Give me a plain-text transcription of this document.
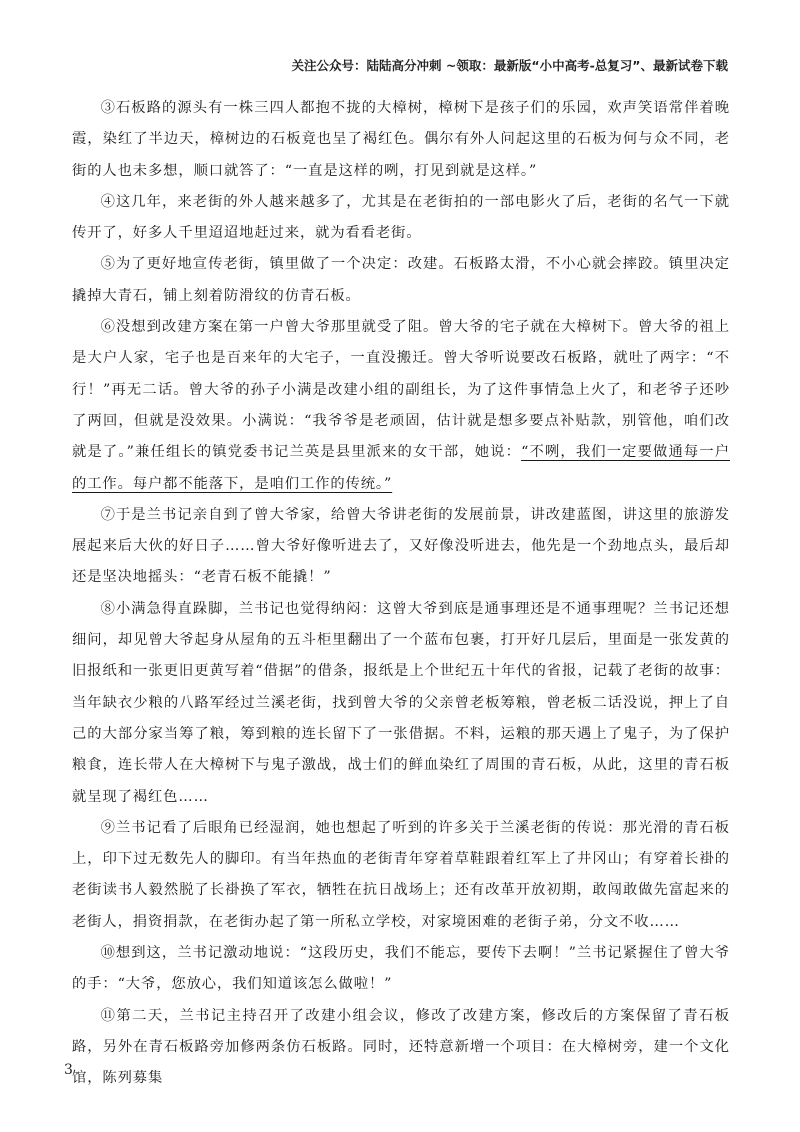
关注公众号：陆陆高分冲刺 ~领取：最新版“小中高考-总复习”、最新试卷下载

③石板路的源头有一株三四人都抱不拢的大樟树，樟树下是孩子们的乐园，欢声笑语常伴着晚霞，染红了半边天，樟树边的石板竟也呈了褐红色。偶尔有外人问起这里的石板为何与众不同，老街的人也未多想，顺口就答了：“一直是这样的咧，打见到就是这样。”

④这几年，来老街的外人越来越多了，尤其是在老街拍的一部电影火了后，老街的名气一下就传开了，好多人千里迢迢地赶过来，就为看看老街。

⑤为了更好地宣传老街，镇里做了一个决定：改建。石板路太滑，不小心就会摔跤。镇里决定撬掉大青石，铺上刻着防滑纹的仿青石板。

⑥没想到改建方案在第一户曾大爷那里就受了阻。曾大爷的宅子就在大樟树下。曾大爷的祖上是大户人家，宅子也是百来年的大宅子，一直没搬迁。曾大爷听说要改石板路，就吐了两字：“不行！”再无二话。曾大爷的孙子小满是改建小组的副组长，为了这件事情急上火了，和老爷子还吵了两回，但就是没效果。小满说：“我爷爷是老顽固，估计就是想多要点补贴款，别管他，咱们改就是了。”兼任组长的镇党委书记兰英是县里派来的女干部，她说：“不咧，我们一定要做通每一户的工作。每户都不能落下，是咱们工作的传统。”

⑦于是兰书记亲自到了曾大爷家，给曾大爷讲老街的发展前景，讲改建蓝图，讲这里的旅游发展起来后大伙的好日子……曾大爷好像听进去了，又好像没听进去，他先是一个劲地点头，最后却还是坚决地摇头：“老青石板不能撬！”

⑧小满急得直跺脚，兰书记也觉得纳闷：这曾大爷到底是通事理还是不通事理呢？兰书记还想细问，却见曾大爷起身从屋角的五斗柜里翻出了一个蓝布包裹，打开好几层后，里面是一张发黄的旧报纸和一张更旧更黄写着“借据”的借条，报纸是上个世纪五十年代的省报，记载了老街的故事：当年缺衣少粮的八路军经过兰溪老街，找到曾大爷的父亲曾老板筹粮，曾老板二话没说，押上了自己的大部分家当筹了粮，筹到粮的连长留下了一张借据。不料，运粮的那天遇上了鬼子，为了保护粮食，连长带人在大樟树下与鬼子激战，战士们的鲜血染红了周围的青石板，从此，这里的青石板就呈现了褐红色……

⑨兰书记看了后眼角已经湿润，她也想起了听到的许多关于兰溪老街的传说：那光滑的青石板上，印下过无数先人的脚印。有当年热血的老街青年穿着草鞋跟着红军上了井冈山；有穿着长褂的老街读书人毅然脱了长褂换了军衣，牺牲在抗日战场上；还有改革开放初期，敢闯敢做先富起来的老街人，捐资捐款，在老街办起了第一所私立学校，对家境困难的老街子弟，分文不收……

⑩想到这，兰书记激动地说：“这段历史，我们不能忘，要传下去啊！”兰书记紧握住了曾大爷的手：“大爷，您放心，我们知道该怎么做啦！”

⑪第二天，兰书记主持召开了改建小组会议，修改了改建方案，修改后的方案保留了青石板路，另外在青石板路旁加修两条仿石板路。同时，还特意新增一个项目：在大樟树旁，建一个文化馆，陈列募集

3
